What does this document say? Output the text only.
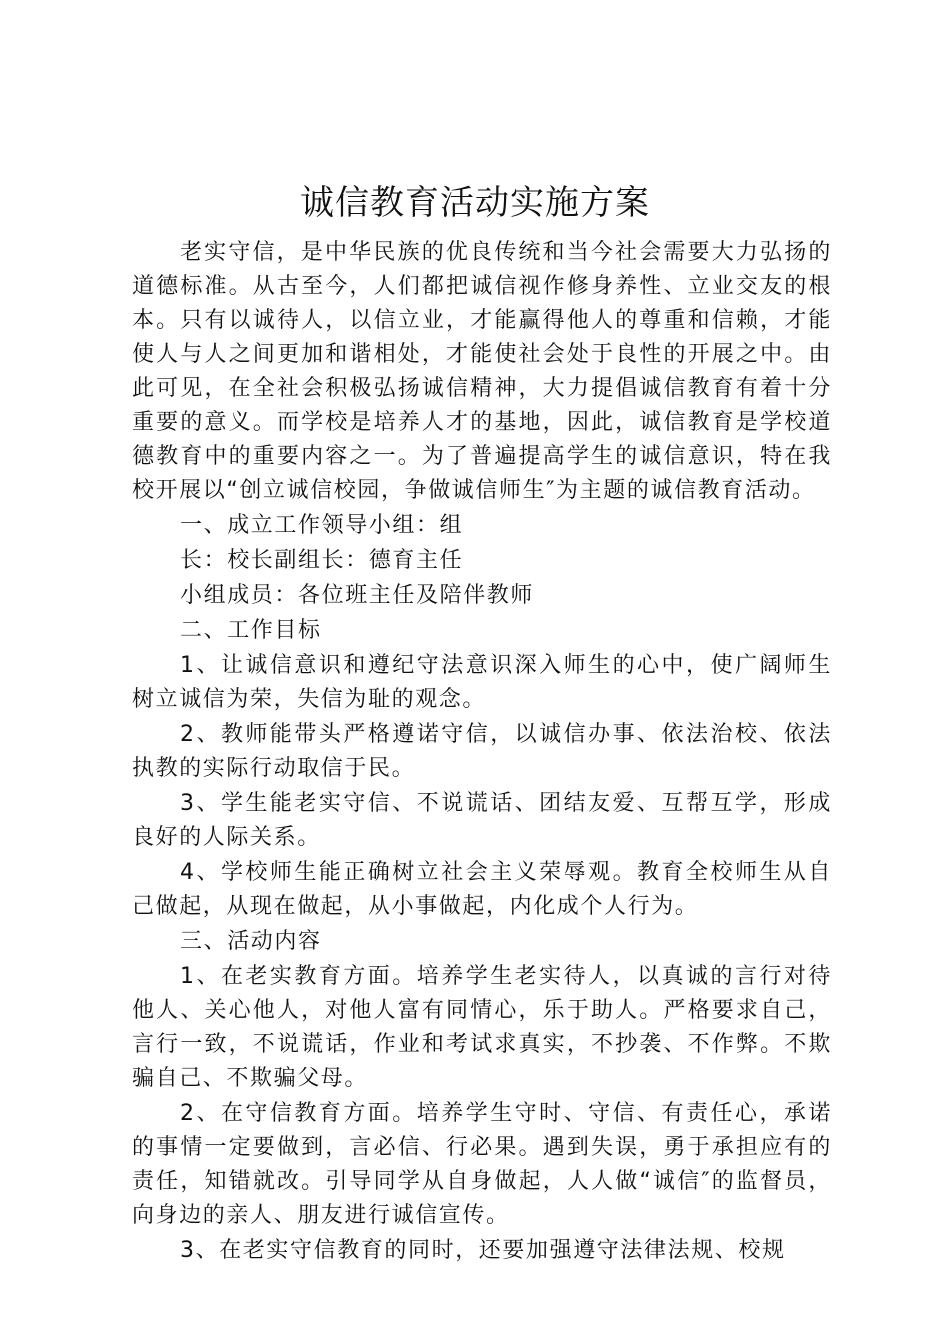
诚信教育活动实施方案

老实守信，是中华民族的优良传统和当今社会需要大力弘扬的道德标准。从古至今，人们都把诚信视作修身养性、立业交友的根本。只有以诚待人，以信立业，才能赢得他人的尊重和信赖，才能使人与人之间更加和谐相处，才能使社会处于良性的开展之中。由此可见，在全社会积极弘扬诚信精神，大力提倡诚信教育有着十分重要的意义。而学校是培养人才的基地，因此，诚信教育是学校道德教育中的重要内容之一。为了普遍提高学生的诚信意识，特在我校开展以“创立诚信校园，争做诚信师生″为主题的诚信教育活动。

一、成立工作领导小组：组

长：校长副组长：德育主任

小组成员：各位班主任及陪伴教师

二、工作目标

1、让诚信意识和遵纪守法意识深入师生的心中，使广阔师生树立诚信为荣，失信为耻的观念。

2、教师能带头严格遵诺守信，以诚信办事、依法治校、依法执教的实际行动取信于民。

3、学生能老实守信、不说谎话、团结友爱、互帮互学，形成良好的人际关系。

4、学校师生能正确树立社会主义荣辱观。教育全校师生从自己做起，从现在做起，从小事做起，内化成个人行为。

三、活动内容

1、在老实教育方面。培养学生老实待人，以真诚的言行对待他人、关心他人，对他人富有同情心，乐于助人。严格要求自己，言行一致，不说谎话，作业和考试求真实，不抄袭、不作弊。不欺骗自己、不欺骗父母。

2、在守信教育方面。培养学生守时、守信、有责任心，承诺的事情一定要做到，言必信、行必果。遇到失误，勇于承担应有的责任，知错就改。引导同学从自身做起，人人做“诚信″的监督员，向身边的亲人、朋友进行诚信宣传。

3、在老实守信教育的同时，还要加强遵守法律法规、校规
